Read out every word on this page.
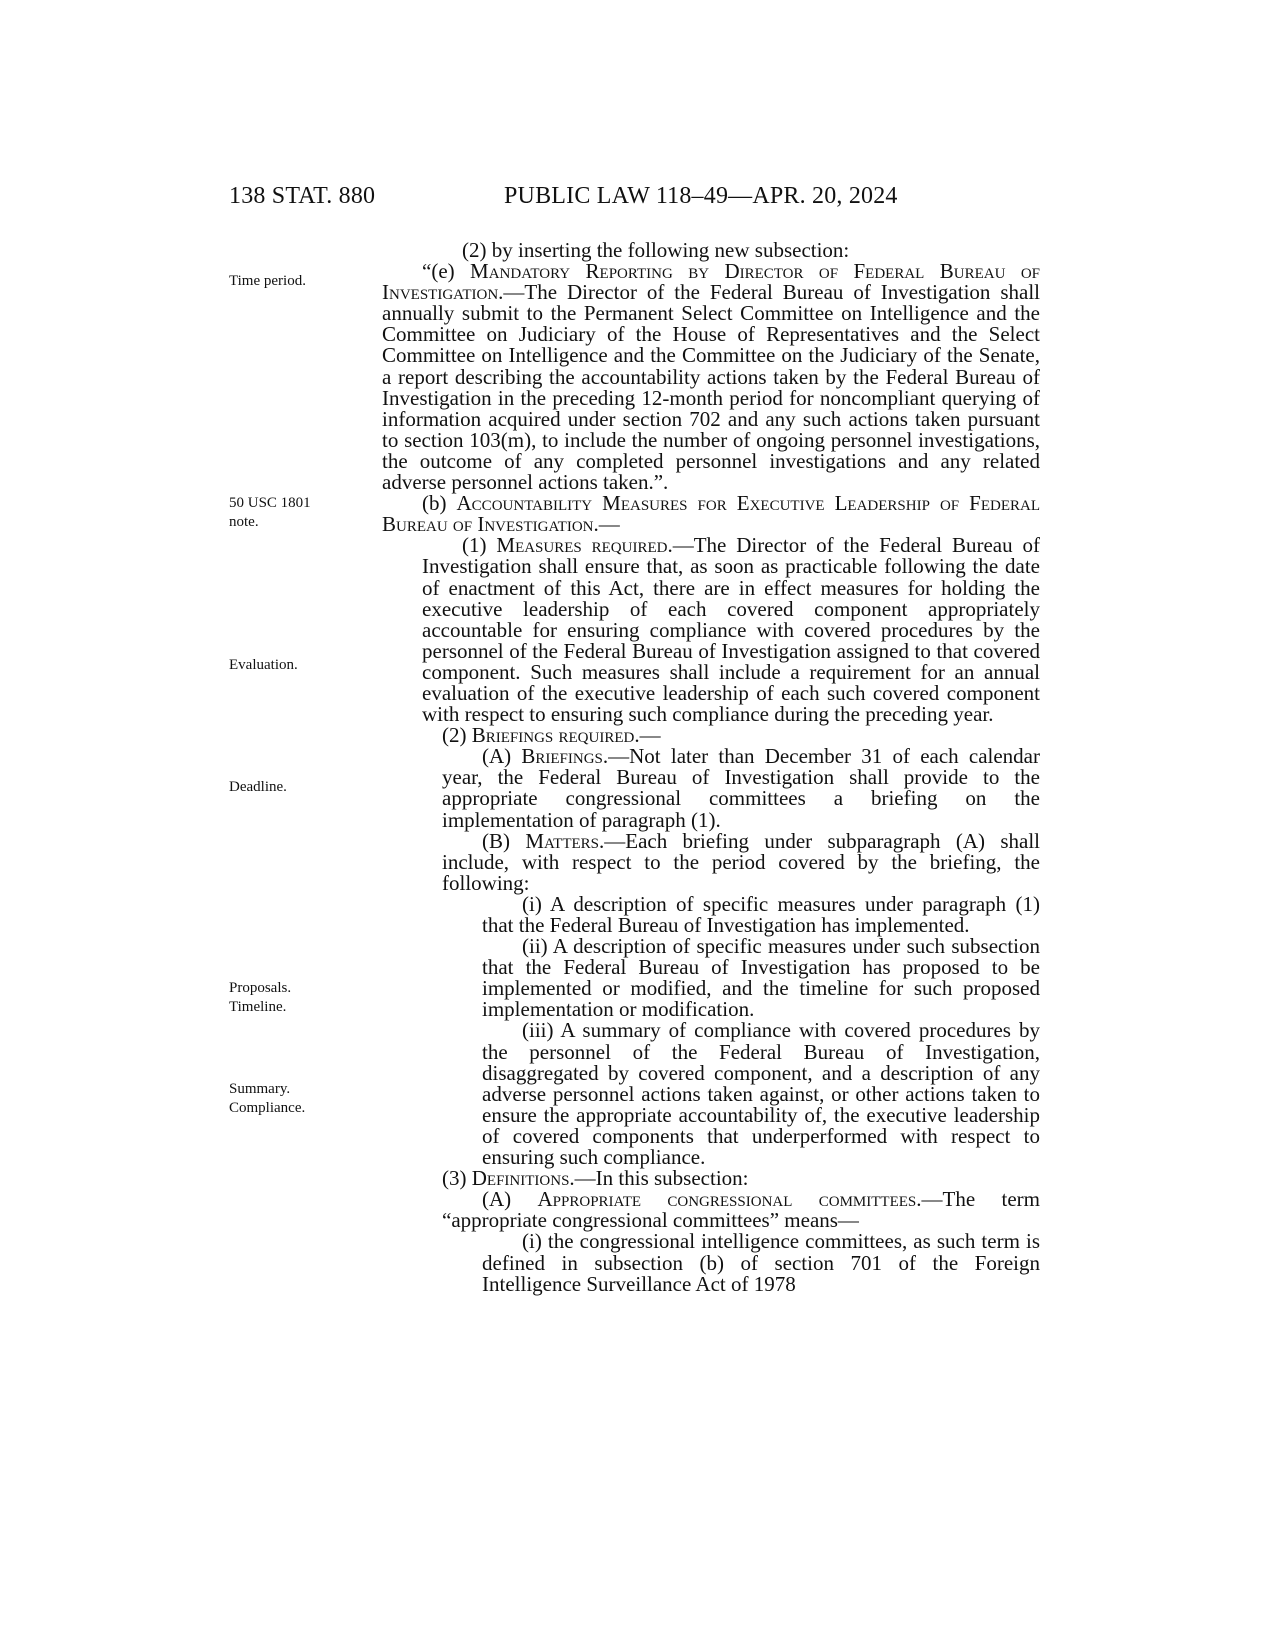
138 STAT. 880	PUBLIC LAW 118–49—APR. 20, 2024
Time period.
50 USC 1801
note.
Evaluation.
Deadline.
Proposals.
Timeline.
Summary.
Compliance.

(2) by inserting the following new subsection:

“(e) Mandatory Reporting by Director of Federal Bureau of Investigation.—The Director of the Federal Bureau of Investigation shall annually submit to the Permanent Select Committee on Intelligence and the Committee on Judiciary of the House of Representatives and the Select Committee on Intelligence and the Committee on the Judiciary of the Senate, a report describing the accountability actions taken by the Federal Bureau of Investigation in the preceding 12-month period for noncompliant querying of information acquired under section 702 and any such actions taken pursuant to section 103(m), to include the number of ongoing personnel investigations, the outcome of any completed personnel investigations and any related adverse personnel actions taken.”.

(b) Accountability Measures for Executive Leadership of Federal Bureau of Investigation.—

(1) Measures required.—The Director of the Federal Bureau of Investigation shall ensure that, as soon as practicable following the date of enactment of this Act, there are in effect measures for holding the executive leadership of each covered component appropriately accountable for ensuring compliance with covered procedures by the personnel of the Federal Bureau of Investigation assigned to that covered component. Such measures shall include a requirement for an annual evaluation of the executive leadership of each such covered component with respect to ensuring such compliance during the preceding year.

(2) Briefings required.—

(A) Briefings.—Not later than December 31 of each calendar year, the Federal Bureau of Investigation shall provide to the appropriate congressional committees a briefing on the implementation of paragraph (1).

(B) Matters.—Each briefing under subparagraph (A) shall include, with respect to the period covered by the briefing, the following:

(i) A description of specific measures under paragraph (1) that the Federal Bureau of Investigation has implemented.

(ii) A description of specific measures under such subsection that the Federal Bureau of Investigation has proposed to be implemented or modified, and the timeline for such proposed implementation or modification.

(iii) A summary of compliance with covered procedures by the personnel of the Federal Bureau of Investigation, disaggregated by covered component, and a description of any adverse personnel actions taken against, or other actions taken to ensure the appropriate accountability of, the executive leadership of covered components that underperformed with respect to ensuring such compliance.

(3) Definitions.—In this subsection:

(A) Appropriate congressional committees.—The term “appropriate congressional committees” means—

(i) the congressional intelligence committees, as such term is defined in subsection (b) of section 701 of the Foreign Intelligence Surveillance Act of 1978
